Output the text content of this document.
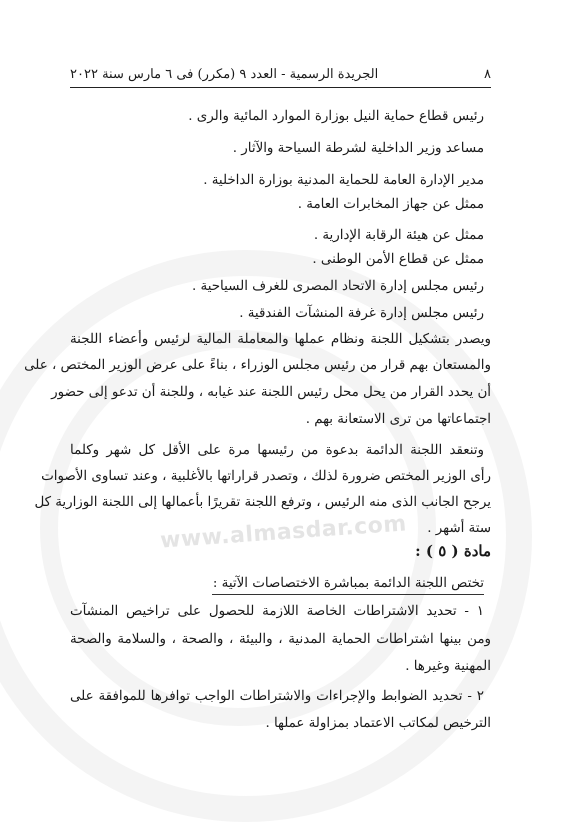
www.almasdar.com
٨
الجريدة الرسمية - العدد ٩ (مكرر) فى ٦ مارس سنة ٢٠٢٢
رئيس قطاع حماية النيل بوزارة الموارد المائية والرى .
مساعد وزير الداخلية لشرطة السياحة والآثار .
مدير الإدارة العامة للحماية المدنية بوزارة الداخلية .
ممثل عن جهاز المخابرات العامة .
ممثل عن هيئة الرقابة الإدارية .
ممثل عن قطاع الأمن الوطنى .
رئيس مجلس إدارة الاتحاد المصرى للغرف السياحية .
رئيس مجلس إدارة غرفة المنشآت الفندقية .
ويصدر بتشكيل اللجنة ونظام عملها والمعاملة المالية لرئيس وأعضاء اللجنة
والمستعان بهم قرار من رئيس مجلس الوزراء ، بناءً على عرض الوزير المختص ، على
أن يحدد القرار من يحل محل رئيس اللجنة عند غيابه ، وللجنة أن تدعو إلى حضور
اجتماعاتها من ترى الاستعانة بهم .
وتنعقد اللجنة الدائمة بدعوة من رئيسها مرة على الأقل كل شهر وكلما
رأى الوزير المختص ضرورة لذلك ، وتصدر قراراتها بالأغلبية ، وعند تساوى الأصوات
يرجح الجانب الذى منه الرئيس ، وترفع اللجنة تقريرًا بأعمالها إلى اللجنة الوزارية كل
ستة أشهر .
مادة ( ٥ ) :
تختص اللجنة الدائمة بمباشرة الاختصاصات الآتية :
١ - تحديد الاشتراطات الخاصة اللازمة للحصول على تراخيص المنشآت
ومن بينها اشتراطات الحماية المدنية ، والبيئة ، والصحة ، والسلامة والصحة
المهنية وغيرها .
٢ - تحديد الضوابط والإجراءات والاشتراطات الواجب توافرها للموافقة على
الترخيص لمكاتب الاعتماد بمزاولة عملها .
